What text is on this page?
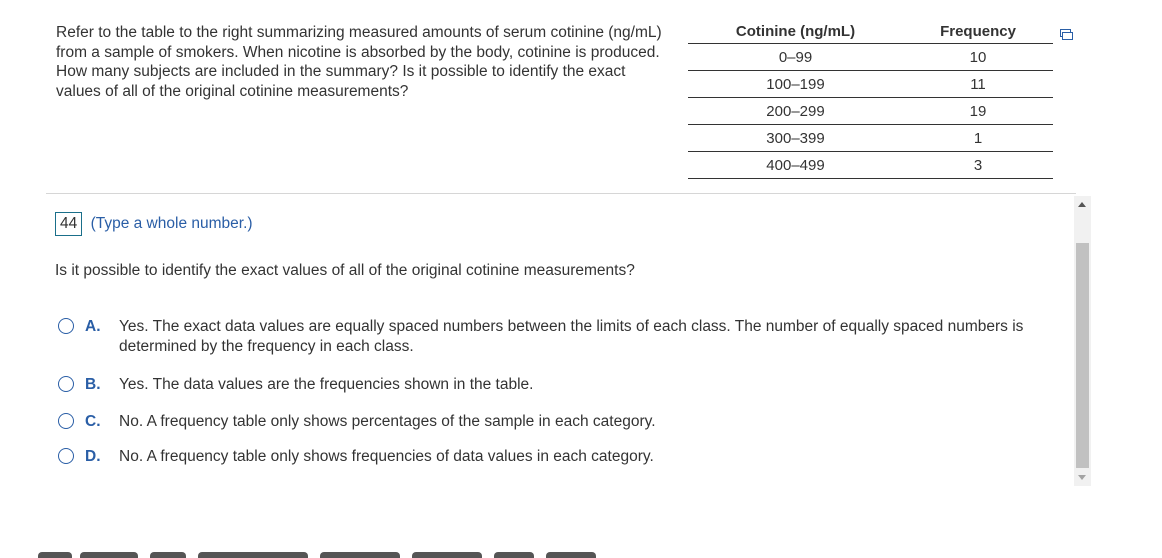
Refer to the table to the right summarizing measured amounts of serum cotinine (ng/mL) from a sample of smokers. When nicotine is absorbed by the body, cotinine is produced. How many subjects are included in the summary? Is it possible to identify the exact values of all of the original cotinine measurements?
Cotinine (ng/mL)	Frequency
0–99	10
100–199	11
200–299	19
300–399	1
400–499	3
44 (Type a whole number.)
Is it possible to identify the exact values of all of the original cotinine measurements?
A. Yes. The exact data values are equally spaced numbers between the limits of each class. The number of equally spaced numbers is determined by the frequency in each class.
B. Yes. The data values are the frequencies shown in the table.
C. No. A frequency table only shows percentages of the sample in each category.
D. No. A frequency table only shows frequencies of data values in each category.
